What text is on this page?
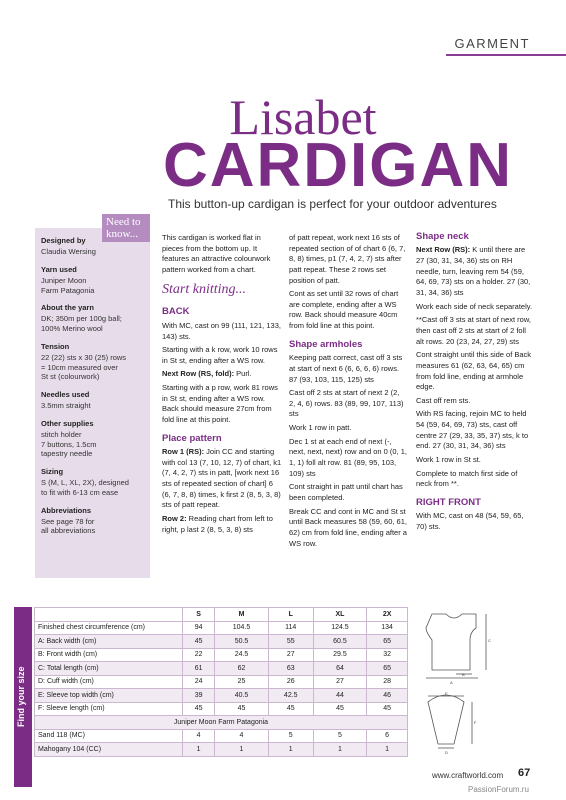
GARMENT
Lisabet
CARDIGAN
This button-up cardigan is perfect for your outdoor adventures
Designed by
Claudia Wersing
Yarn used
Juniper Moon
Farm Patagonia
About the yarn
DK; 350m per 100g ball;
100% Merino wool
Tension
22 (22) sts x 30 (25) rows
= 10cm measured over
St st (colourwork)
Needles used
3.5mm straight
Other supplies
stitch holder
7 buttons, 1.5cm
tapestry needle
Sizing
S (M, L, XL, 2X), designed
to fit with 6-13 cm ease
Abbreviations
See page 78 for
all abbreviations
Need to know...	This cardigan is worked flat in pieces from the bottom up. It features an attractive colourwork pattern worked from a chart.
Start knitting...
BACK
With MC, cast on 99 (111, 121, 133, 143) sts.
Starting with a k row, work 10 rows in St st, ending after a WS row.
Next Row (RS, fold): Purl.
Starting with a p row, work 81 rows in St st, ending after a WS row. Back should measure 27cm from fold line at this point.
Place pattern
Row 1 (RS): Join CC and starting with col 13 (7, 10, 12, 7) of chart, k1 (7, 4, 2, 7) sts in patt, [work next 16 sts of repeated section of chart] 6 (6, 7, 8, 8) times, k first 2 (8, 5, 3, 8) sts of patt repeat.
Row 2: Reading chart from left to right, p last 2 (8, 5, 3, 8) sts
of patt repeat, work next 16 sts of repeated section of of chart 6 (6, 7, 8, 8) times, p1 (7, 4, 2, 7) sts after patt repeat. These 2 rows set position of patt.
Cont as set until 32 rows of chart are complete, ending after a WS row. Back should measure 40cm from fold line at this point.
Shape armholes
Keeping patt correct, cast off 3 sts at start of next 6 (6, 6, 6, 6) rows. 87 (93, 103, 115, 125) sts
Cast off 2 sts at start of next 2 (2, 2, 4, 6) rows. 83 (89, 99, 107, 113) sts
Work 1 row in patt.
Dec 1 st at each end of next (-, next, next, next) row and on 0 (0, 1, 1, 1) foll alt row. 81 (89, 95, 103, 109) sts
Cont straight in patt until chart has been completed.
Break CC and cont in MC and St st until Back measures 58 (59, 60, 61, 62) cm from fold line, ending after a WS row.
Shape neck
Next Row (RS): K until there are 27 (30, 31, 34, 36) sts on RH needle, turn, leaving rem 54 (59, 64, 69, 73) sts on a holder. 27 (30, 31, 34, 36) sts
Work each side of neck separately.
**Cast off 3 sts at start of next row, then cast off 2 sts at start of 2 foll alt rows. 20 (23, 24, 27, 29) sts
Cont straight until this side of Back measures 61 (62, 63, 64, 65) cm from fold line, ending at armhole edge.
Cast off rem sts.
With RS facing, rejoin MC to held 54 (59, 64, 69, 73) sts, cast off centre 27 (29, 33, 35, 37) sts, k to end. 27 (30, 31, 34, 36) sts
Work 1 row in St st.
Complete to match first side of neck from **.
RIGHT FRONT
With MC, cast on 48 (54, 59, 65, 70) sts.
Find your size
	S	M	L	XL	2X
Finished chest circumference (cm)	94	104.5	114	124.5	134
A: Back width (cm)	45	50.5	55	60.5	65
B: Front width (cm)	22	24.5	27	29.5	32
C: Total length (cm)	61	62	63	64	65
D: Cuff width (cm)	24	25	26	27	28
E: Sleeve top width (cm)	39	40.5	42.5	44	46
F: Sleeve length (cm)	45	45	45	45	45
Juniper Moon Farm Patagonia					
Sand 118 (MC)	4	4	5	5	6
Mahogany 104 (CC)	1	1	1	1	1
B
A
C
E
D
F
www.craftworld.com 67
PassionForum.ru
